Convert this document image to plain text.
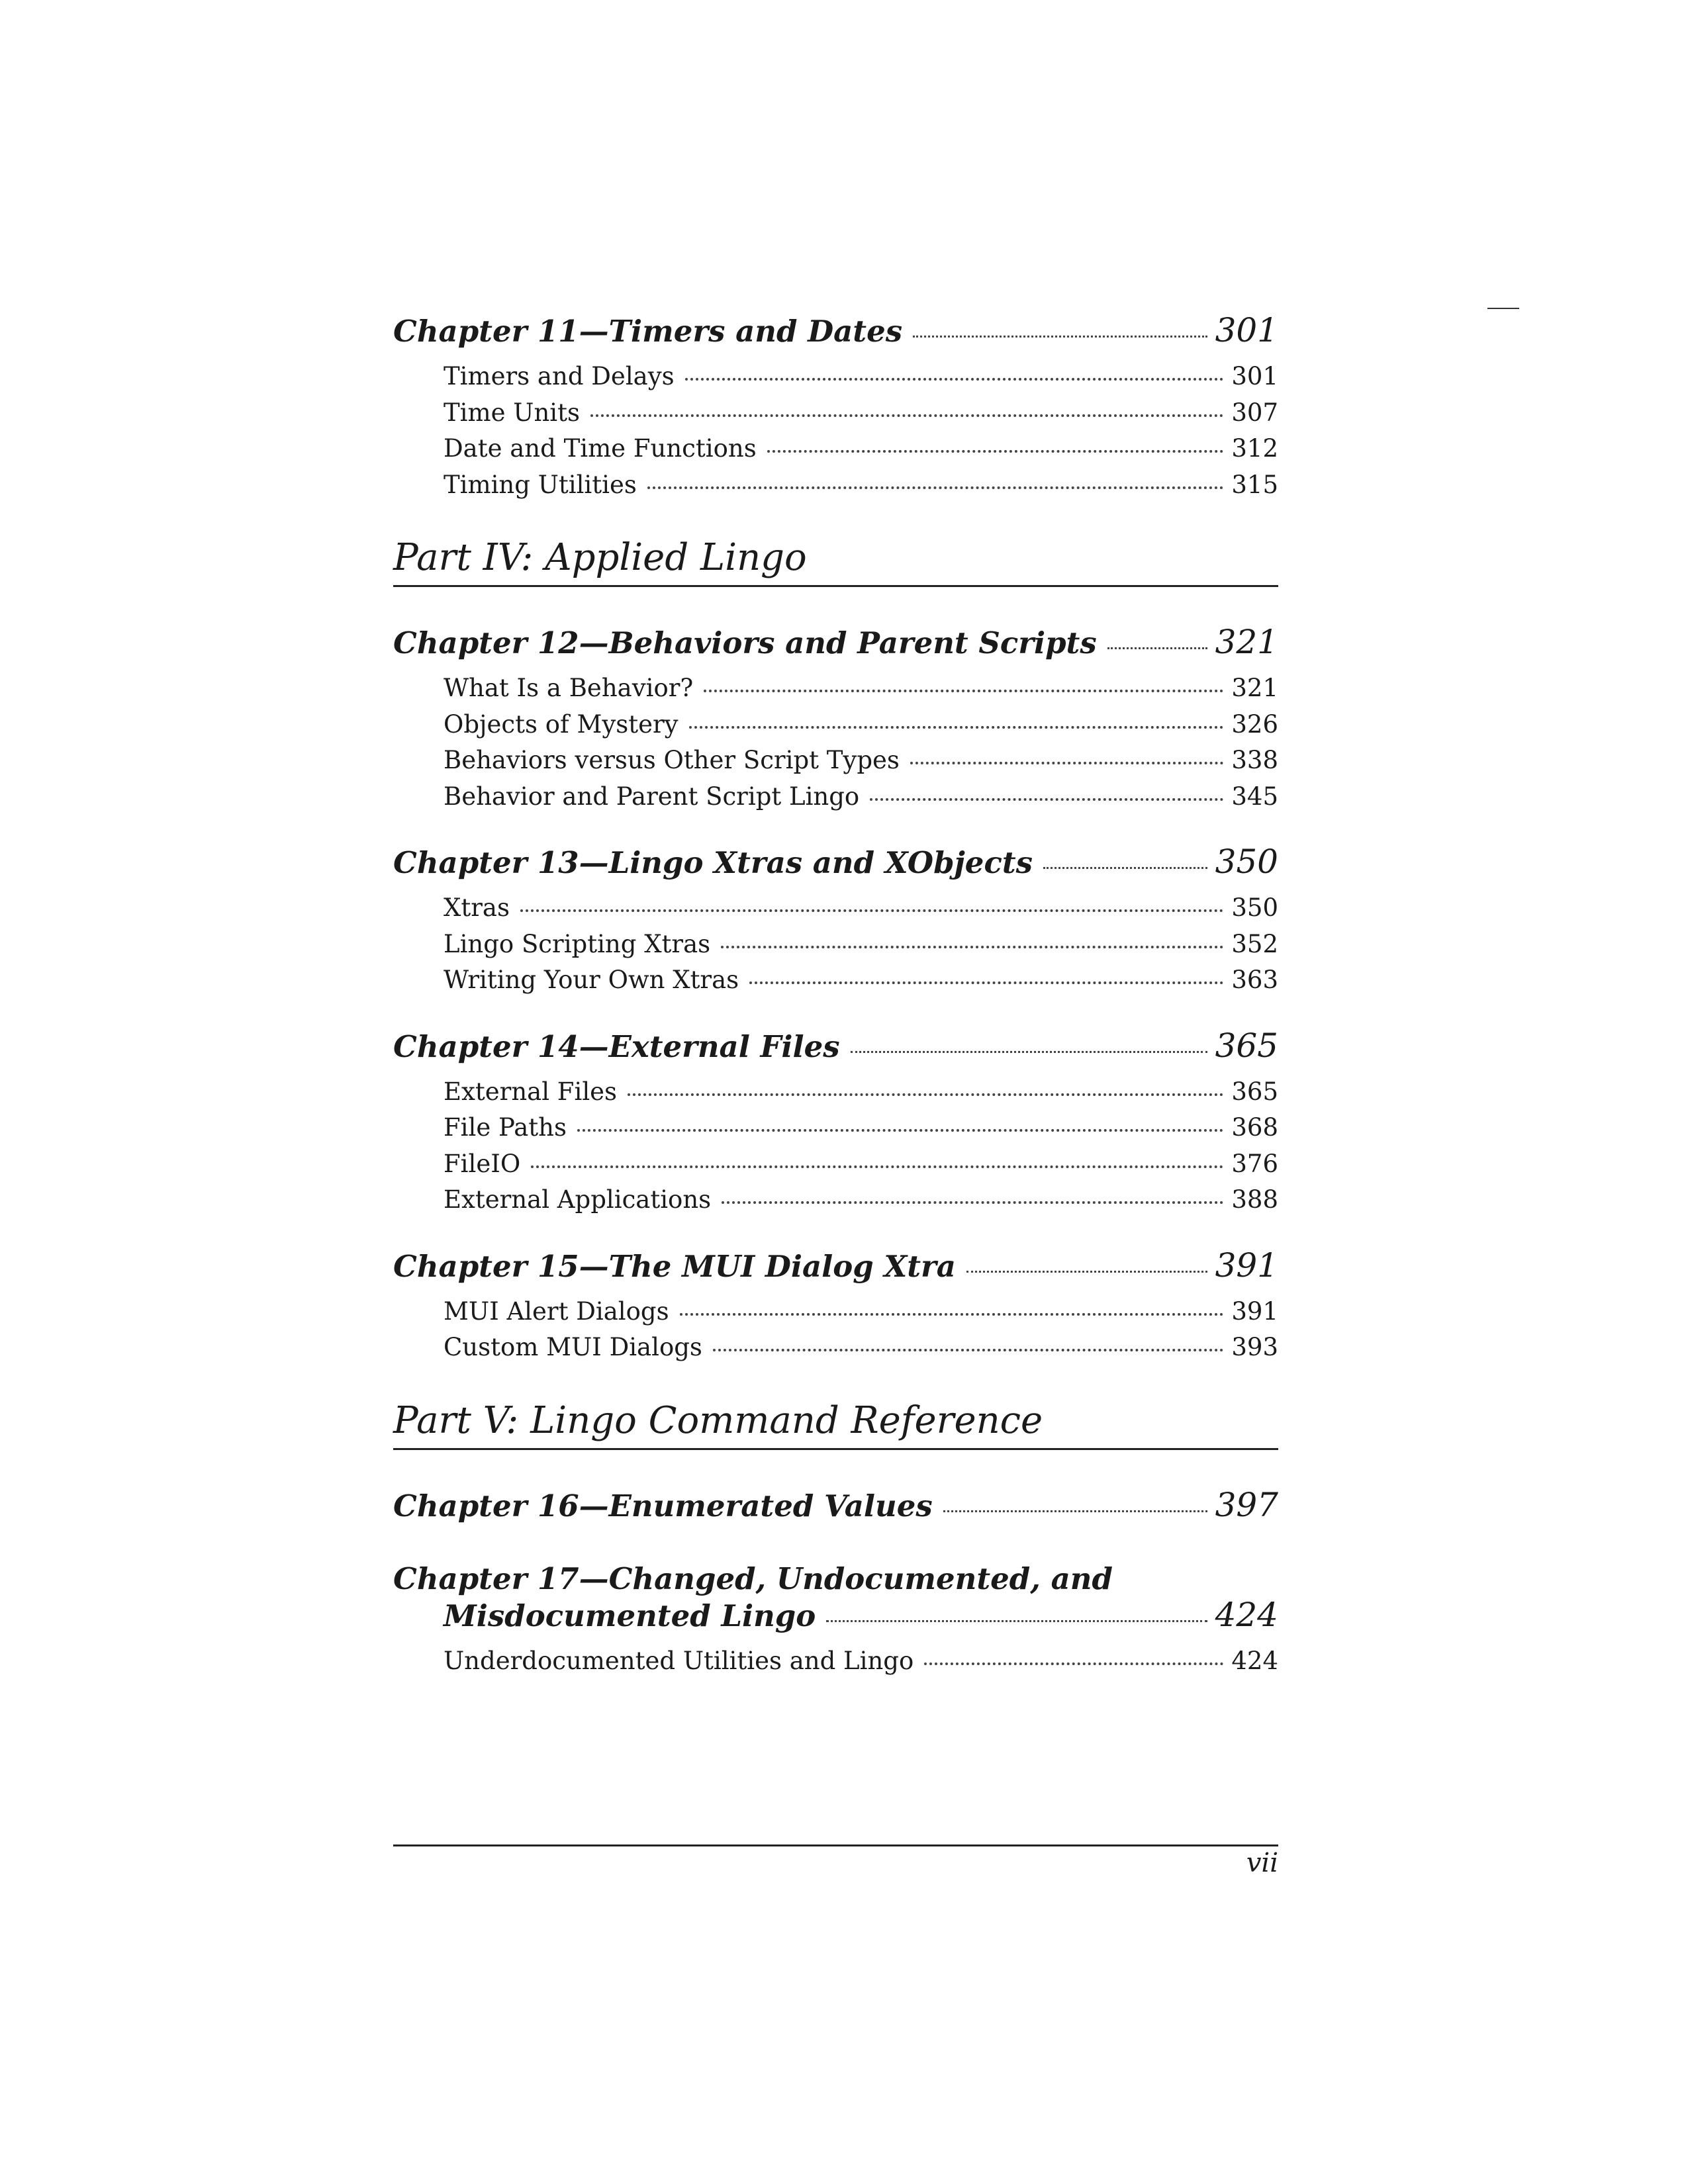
Chapter 11—Timers and Dates	301
Timers and Delays	301
Time Units	307
Date and Time Functions	312
Timing Utilities	315
Part IV: Applied Lingo
Chapter 12—Behaviors and Parent Scripts	321
What Is a Behavior?	321
Objects of Mystery	326
Behaviors versus Other Script Types	338
Behavior and Parent Script Lingo	345
Chapter 13—Lingo Xtras and XObjects	350
Xtras	350
Lingo Scripting Xtras	352
Writing Your Own Xtras	363
Chapter 14—External Files	365
External Files	365
File Paths	368
FileIO	376
External Applications	388
Chapter 15—The MUI Dialog Xtra	391
MUI Alert Dialogs	391
Custom MUI Dialogs	393
Part V: Lingo Command Reference
Chapter 16—Enumerated Values	397
Chapter 17—Changed, Undocumented, and
Misdocumented Lingo	424
Underdocumented Utilities and Lingo	424
vii
